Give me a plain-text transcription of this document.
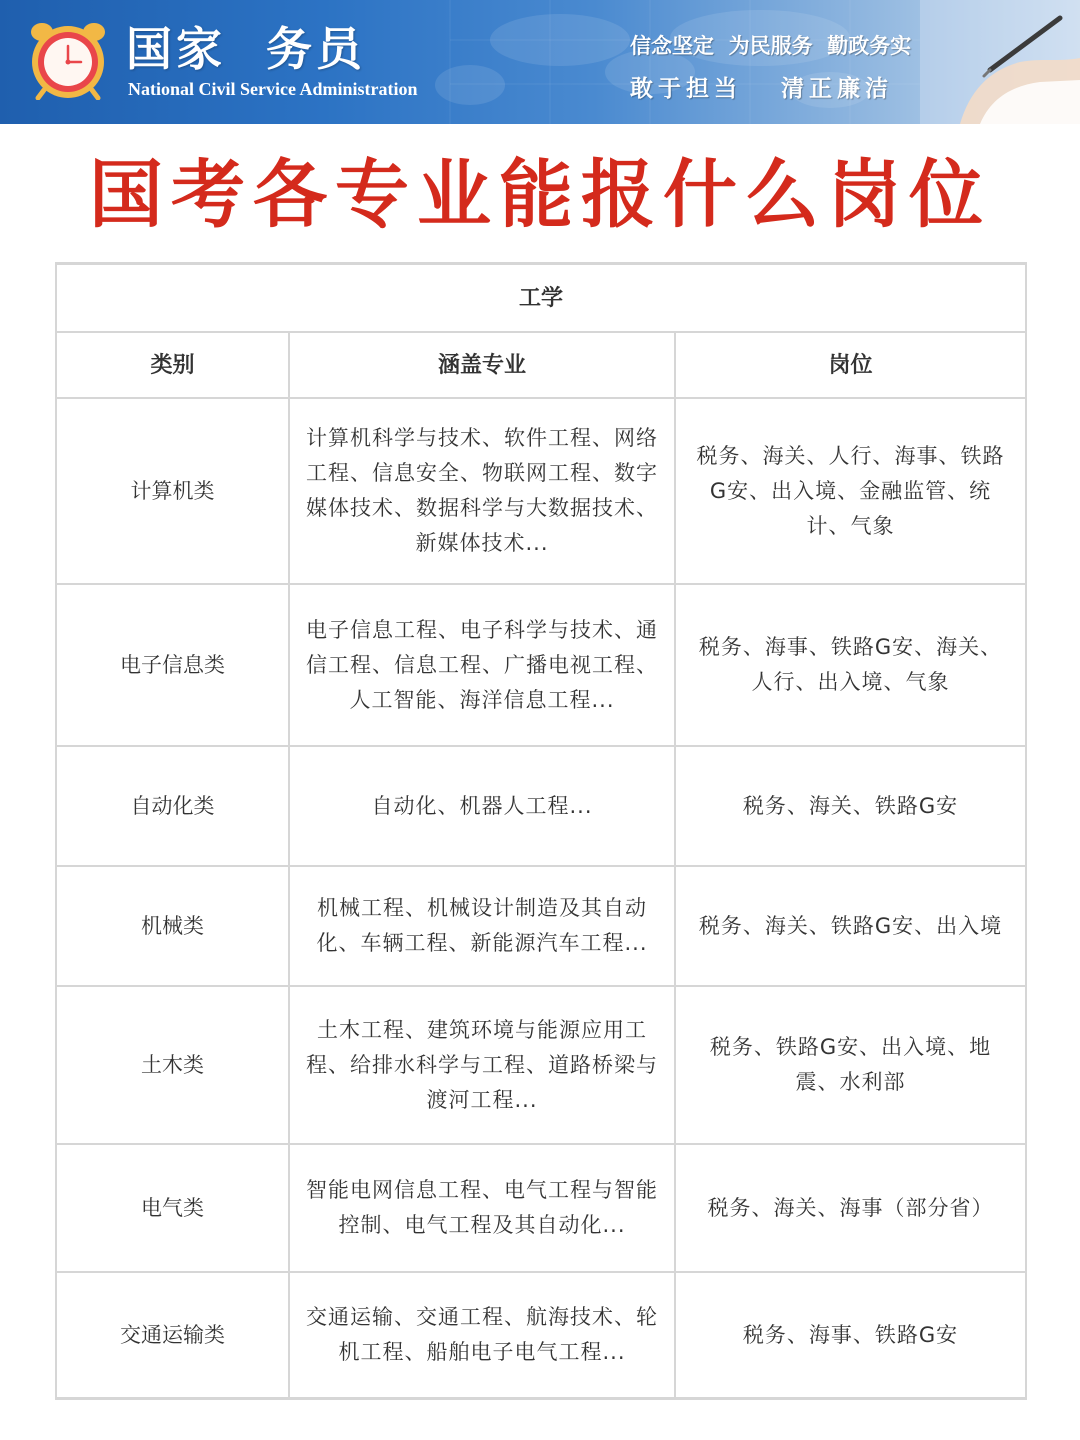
国家  务员
National Civil Service Administration
信念坚定  为民服务  勤政务实
敢于担当   清正廉洁
国考各专业能报什么岗位
工学		
类别	涵盖专业	岗位
计算机类	计算机科学与技术、软件工程、网络工程、信息安全、物联网工程、数字媒体技术、数据科学与大数据技术、新媒体技术...	税务、海关、人行、海事、铁路G安、出入境、金融监管、统计、气象
电子信息类	电子信息工程、电子科学与技术、通信工程、信息工程、广播电视工程、人工智能、海洋信息工程...	税务、海事、铁路G安、海关、人行、出入境、气象
自动化类	自动化、机器人工程...	税务、海关、铁路G安
机械类	机械工程、机械设计制造及其自动化、车辆工程、新能源汽车工程...	税务、海关、铁路G安、出入境
土木类	土木工程、建筑环境与能源应用工程、给排水科学与工程、道路桥梁与渡河工程...	税务、铁路G安、出入境、地震、水利部
电气类	智能电网信息工程、电气工程与智能控制、电气工程及其自动化...	税务、海关、海事（部分省）
交通运输类	交通运输、交通工程、航海技术、轮机工程、船舶电子电气工程...	税务、海事、铁路G安
